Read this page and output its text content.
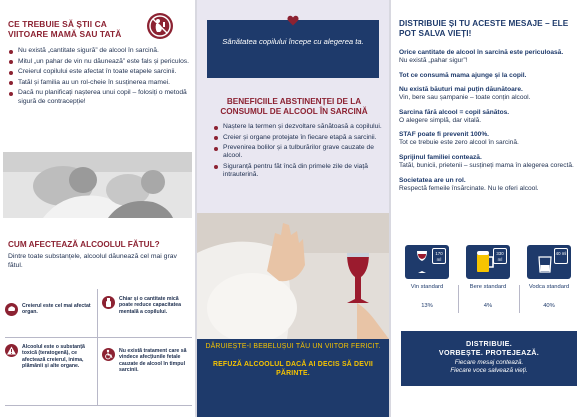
CE TREBUIE SĂ ȘTII CA VIITOARE MAMĂ SAU TATĂ
Nu există „cantitate sigură” de alcool în sarcină.
Mitul „un pahar de vin nu dăunează” este fals și periculos.
Creierul copilului este afectat în toate etapele sarcinii.
Tatăl și familia au un rol-cheie în susținerea mamei.
Dacă nu planificați nașterea unui copil – folosiți o metodă sigură de contracepție!
CUM AFECTEAZĂ ALCOOLUL FĂTUL?
Dintre toate substanțele, alcoolul dăunează cel mai grav fătul.
Creierul este cel mai afectat organ.
Chiar și o cantitate mică poate reduce capacitatea mentală a copilului.
Alcoolul este o substanță toxică (teratogenă), ce afectează creierul, inima, plămânii și alte organe.
Nu există tratament care să vindece afecțiunile fetale cauzate de alcool în timpul sarcinii.
Sănătatea copilului începe cu alegerea ta.
BENEFICIILE ABSTINENȚEI DE LA CONSUMUL DE ALCOOL ÎN SARCINĂ
Naștere la termen și dezvoltare sănătoasă a copilului.
Creier și organe protejate în fiecare etapă a sarcinii.
Prevenirea bolilor și a tulburărilor grave cauzate de alcool.
Siguranță pentru făt încă din primele zile de viață intrauterină.
DĂRUIEȘTE-I BEBELUȘUI TĂU UN VIITOR FERICIT.
REFUZĂ ALCOOLUL DACĂ AI DECIS SĂ DEVII PĂRINTE.
DISTRIBUIE ȘI TU ACESTE MESAJE – ELE POT SALVA VIEȚI!
Orice cantitate de alcool în sarcină este periculoasă.
Nu există „pahar sigur”!
Tot ce consumă mama ajunge și la copil.
Nu există băuturi mai puțin dăunătoare.
Vin, bere sau șampanie – toate conțin alcool.
Sarcina fără alcool = copil sănătos.
O alegere simplă, dar vitală.
STAF poate fi prevenit 100%.
Tot ce trebuie este zero alcool în sarcină.
Sprijinul familiei contează.
Tatăl, bunicii, prietenii – susțineți mama în alegerea corectă.
Societatea are un rol.
Respectă femeile însărcinate. Nu le oferi alcool.
170 ml
Vin standard
13%
330 ml
Bere standard
4%
40 ml
Vodca standard
40%
DISTRIBUIE.
VORBEȘTE. PROTEJEAZĂ.
Fiecare mesaj contează.
Fiecare voce salvează vieți.
